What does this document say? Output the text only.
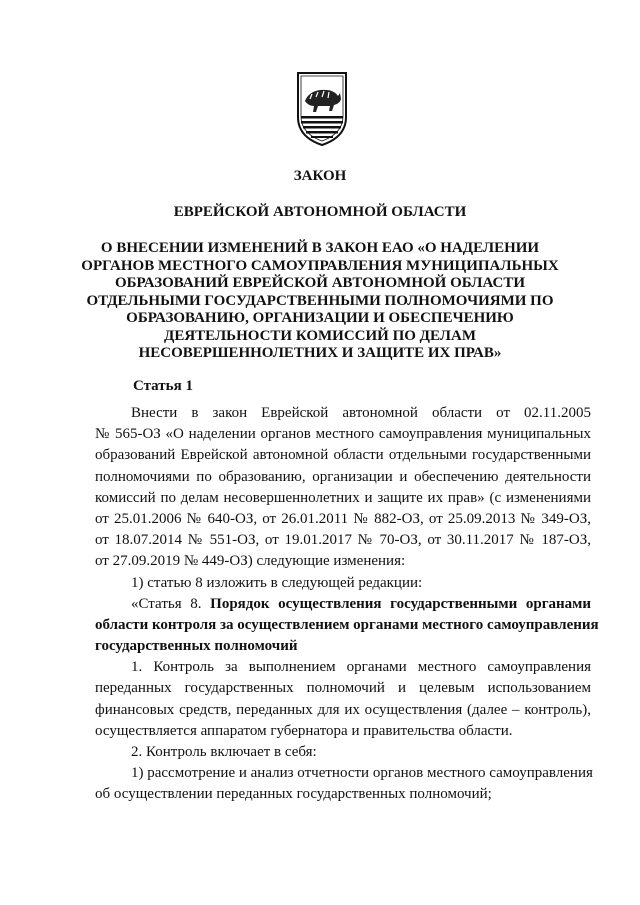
ЗАКОН
ЕВРЕЙСКОЙ АВТОНОМНОЙ ОБЛАСТИ
О ВНЕСЕНИИ ИЗМЕНЕНИЙ В ЗАКОН ЕАО «О НАДЕЛЕНИИ
ОРГАНОВ МЕСТНОГО САМОУПРАВЛЕНИЯ МУНИЦИПАЛЬНЫХ
ОБРАЗОВАНИЙ ЕВРЕЙСКОЙ АВТОНОМНОЙ ОБЛАСТИ
ОТДЕЛЬНЫМИ ГОСУДАРСТВЕННЫМИ ПОЛНОМОЧИЯМИ ПО
ОБРАЗОВАНИЮ, ОРГАНИЗАЦИИ И ОБЕСПЕЧЕНИЮ
ДЕЯТЕЛЬНОСТИ КОМИССИЙ ПО ДЕЛАМ
НЕСОВЕРШЕННОЛЕТНИХ И ЗАЩИТЕ ИХ ПРАВ»
Статья 1
Внести в закон Еврейской автономной области от 02.11.2005
№ 565-ОЗ «О наделении органов местного самоуправления муниципальных
образований Еврейской автономной области отдельными государственными
полномочиями по образованию, организации и обеспечению деятельности
комиссий по делам несовершеннолетних и защите их прав» (с изменениями
от 25.01.2006 № 640-ОЗ, от 26.01.2011 № 882-ОЗ, от 25.09.2013 № 349-ОЗ,
от 18.07.2014 № 551-ОЗ, от 19.01.2017 № 70-ОЗ, от 30.11.2017 № 187-ОЗ,
от 27.09.2019 № 449-ОЗ) следующие изменения:
1) статью 8 изложить в следующей редакции:
«Статья 8. Порядок осуществления государственными органами
области контроля за осуществлением органами местного самоуправления
государственных полномочий
1. Контроль за выполнением органами местного самоуправления
переданных государственных полномочий и целевым использованием
финансовых средств, переданных для их осуществления (далее – контроль),
осуществляется аппаратом губернатора и правительства области.
2. Контроль включает в себя:
1) рассмотрение и анализ отчетности органов местного самоуправления
об осуществлении переданных государственных полномочий;
